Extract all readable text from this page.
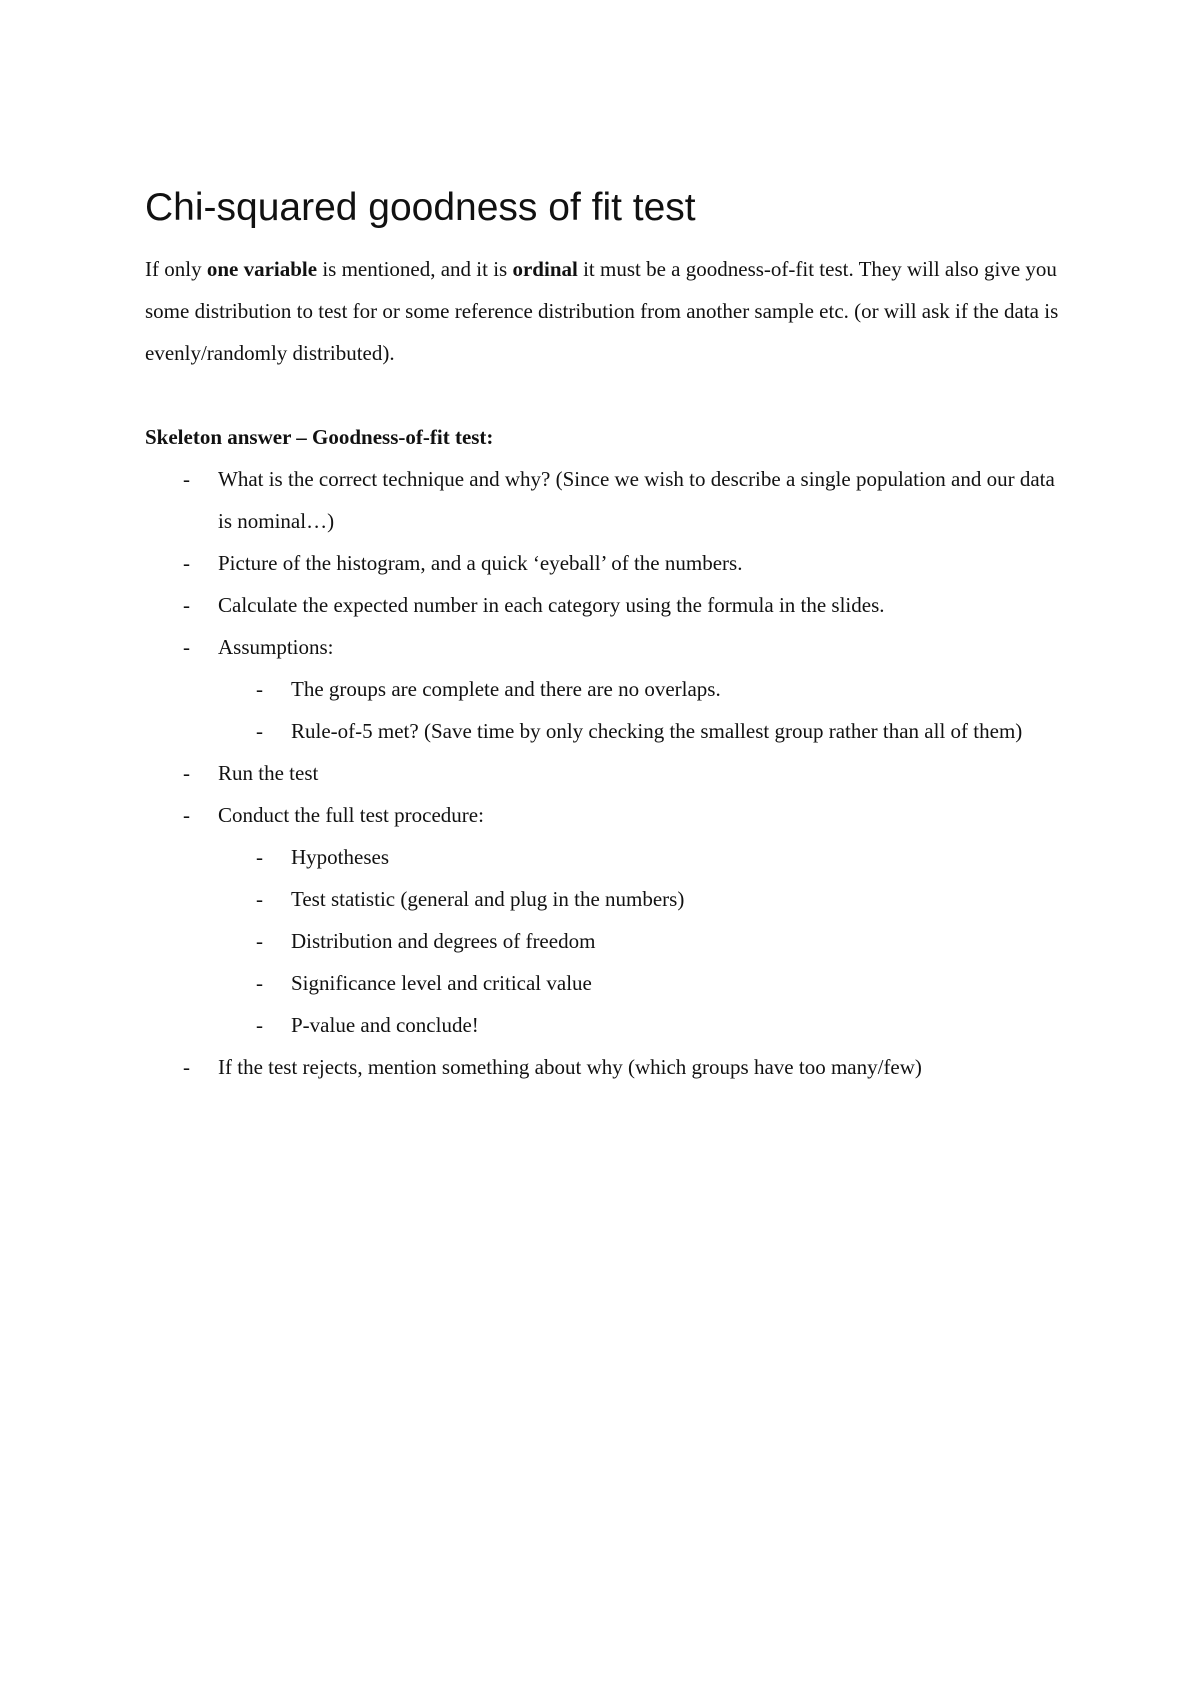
Chi-squared goodness of fit test

If only one variable is mentioned, and it is ordinal it must be a goodness-of-fit test. They will also give you some distribution to test for or some reference distribution from another sample etc. (or will ask if the data is evenly/randomly distributed).

Skeleton answer – Goodness-of-fit test:

- What is the correct technique and why? (Since we wish to describe a single population and our data is nominal…)
- Picture of the histogram, and a quick ‘eyeball’ of the numbers.
- Calculate the expected number in each category using the formula in the slides.
- Assumptions:
- The groups are complete and there are no overlaps.
- Rule-of-5 met? (Save time by only checking the smallest group rather than all of them)
- Run the test
- Conduct the full test procedure:
- Hypotheses
- Test statistic (general and plug in the numbers)
- Distribution and degrees of freedom
- Significance level and critical value
- P-value and conclude!
- If the test rejects, mention something about why (which groups have too many/few)
